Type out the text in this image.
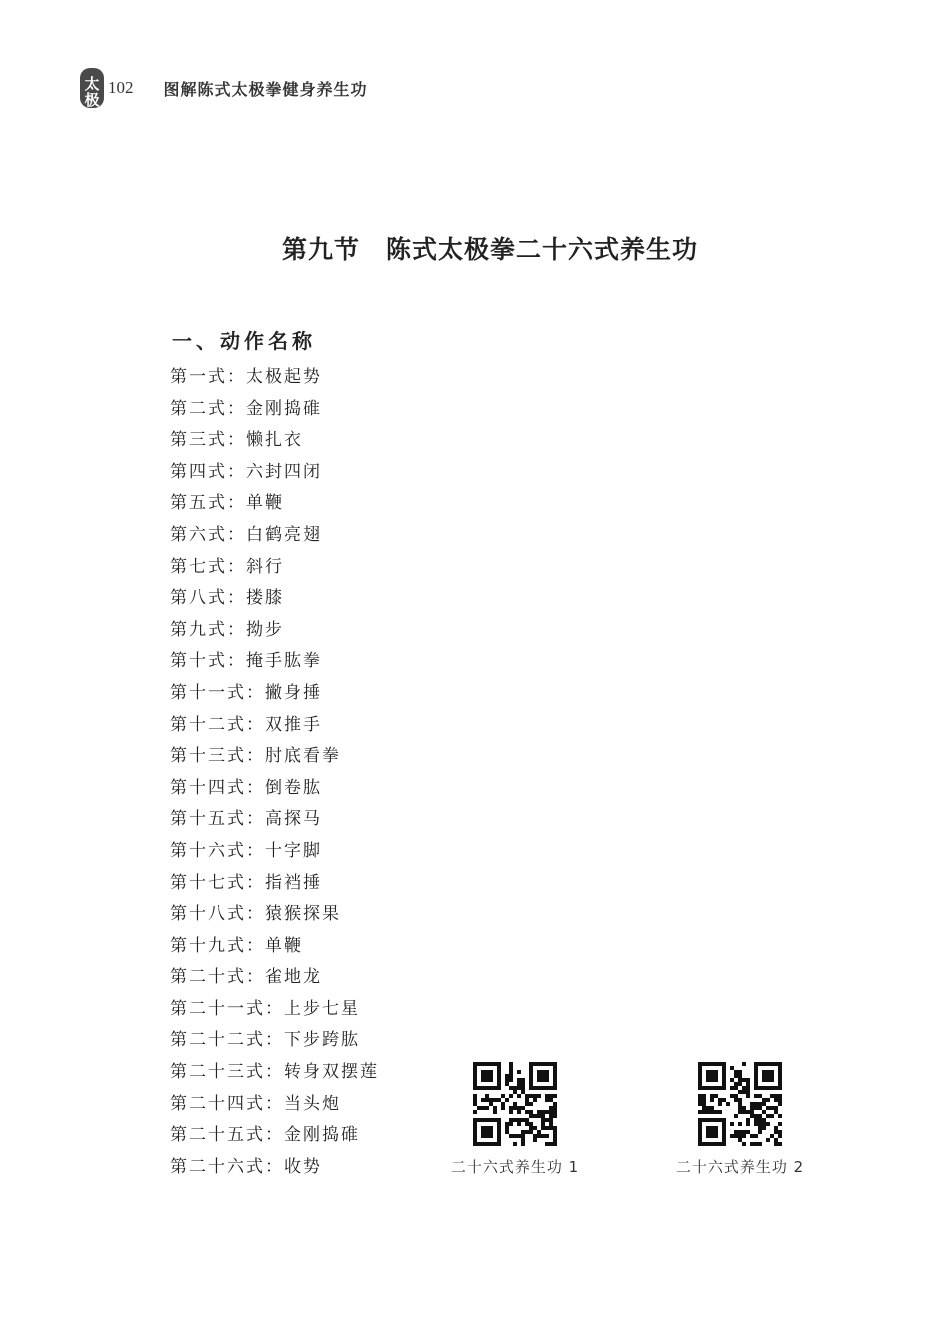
太极
102 图解陈式太极拳健身养生功
第九节　陈式太极拳二十六式养生功
一、动作名称
第一式：太极起势
第二式：金刚捣碓
第三式：懒扎衣
第四式：六封四闭
第五式：单鞭
第六式：白鹤亮翅
第七式：斜行
第八式：搂膝
第九式：拗步
第十式：掩手肱拳
第十一式：撇身捶
第十二式：双推手
第十三式：肘底看拳
第十四式：倒卷肱
第十五式：高探马
第十六式：十字脚
第十七式：指裆捶
第十八式：猿猴探果
第十九式：单鞭
第二十式：雀地龙
第二十一式：上步七星
第二十二式：下步跨肱
第二十三式：转身双摆莲
第二十四式：当头炮
第二十五式：金刚捣碓
第二十六式：收势	二十六式养生功 1	二十六式养生功 2
